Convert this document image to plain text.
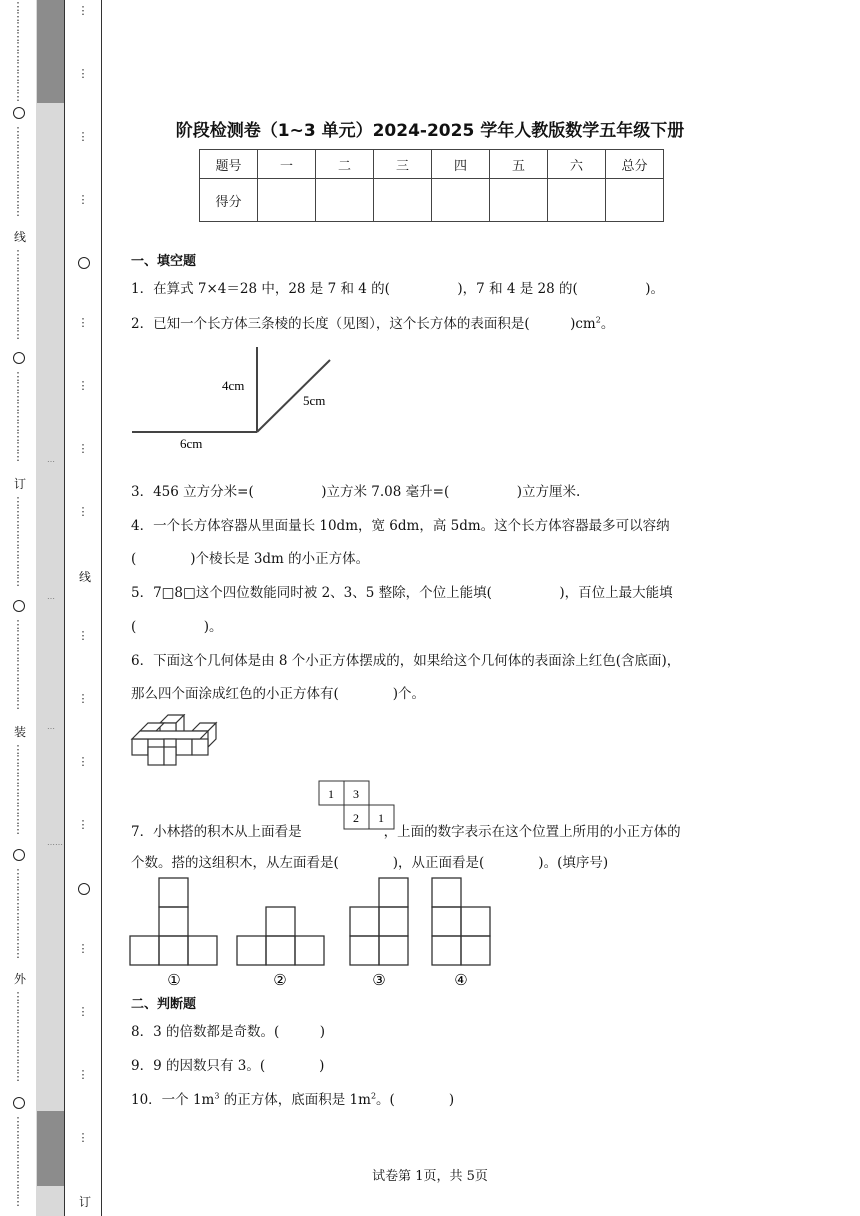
⋮
⋮
⋮
⋮
⋮
⋮
⋮
⋮
⋮
⋮
⋮
⋮
⋮
⋮
⋮
⋮
⋮
⋮
⋮
线
⋮
⋮
⋮
⋮
⋮
⋮
⋮
⋮
⋮
⋮
⋮
⋮
⋮
⋮
⋮
⋮
⋮
⋮
订
⋮
⋮
⋮
⋮
⋮
⋮
⋮
⋮
⋮
⋮
⋮
⋮
⋮
⋮
⋮
⋮
⋮
⋮
装
⋮
⋮
⋮
⋮
⋮
⋮
⋮
⋮
⋮
⋮
⋮
⋮
⋮
⋮
⋮
⋮
⋮
⋮
外
⋮
⋮
⋮
⋮
⋮
⋮
⋮
⋮
⋮
⋮
⋮
⋮
⋮
⋮
⋮
⋮
⋮
⋮
…
…
…
……
⋮
⋮
⋮
⋮
⋮
⋮
⋮
⋮
线
⋮
⋮
⋮
⋮
⋮
⋮
⋮
⋮
订
阶段检测卷（1~3 单元）2024-2025 学年人教版数学五年级下册
题号	一	二	三	四	五	六	总分
得分							
一、填空题
1．在算式 7×4＝28 中，28 是 7 和 4 的(　　　　　)，7 和 4 是 28 的(　　　　　)。
2．已知一个长方体三条棱的长度（见图），这个长方体的表面积是(　　　)$cm^2$。
4cm
5cm
6cm
3．456 立方分米=(　　　　　)立方米 7.08 毫升=(　　　　　)立方厘米.
4．一个长方体容器从里面量长 10dm，宽 6dm，高 5dm。这个长方体容器最多可以容纳
(　　　　)个棱长是 3dm 的小正方体。
5．7□8□这个四位数能同时被 2、3、5 整除，个位上能填(　　　　　)，百位上最大能填
(　　　　　)。
6．下面这个几何体是由 8 个小正方体摆成的，如果给这个几何体的表面涂上红色(含底面)，
那么四个面涂成红色的小正方体有(　　　　)个。
1 3
2 1
7．小林搭的积木从上面看是	，上面的数字表示在这个位置上所用的小正方体的
个数。搭的这组积木，从左面看是(　　　　)，从正面看是(　　　　)。(填序号)
①	②	③	④
二、判断题
8．3 的倍数都是奇数。(　　　)
9．9 的因数只有 3。(　　　　)
10．一个 $1m^3$ 的正方体，底面积是 $1m^2$。(　　　　)
试卷第 1页，共 5页
